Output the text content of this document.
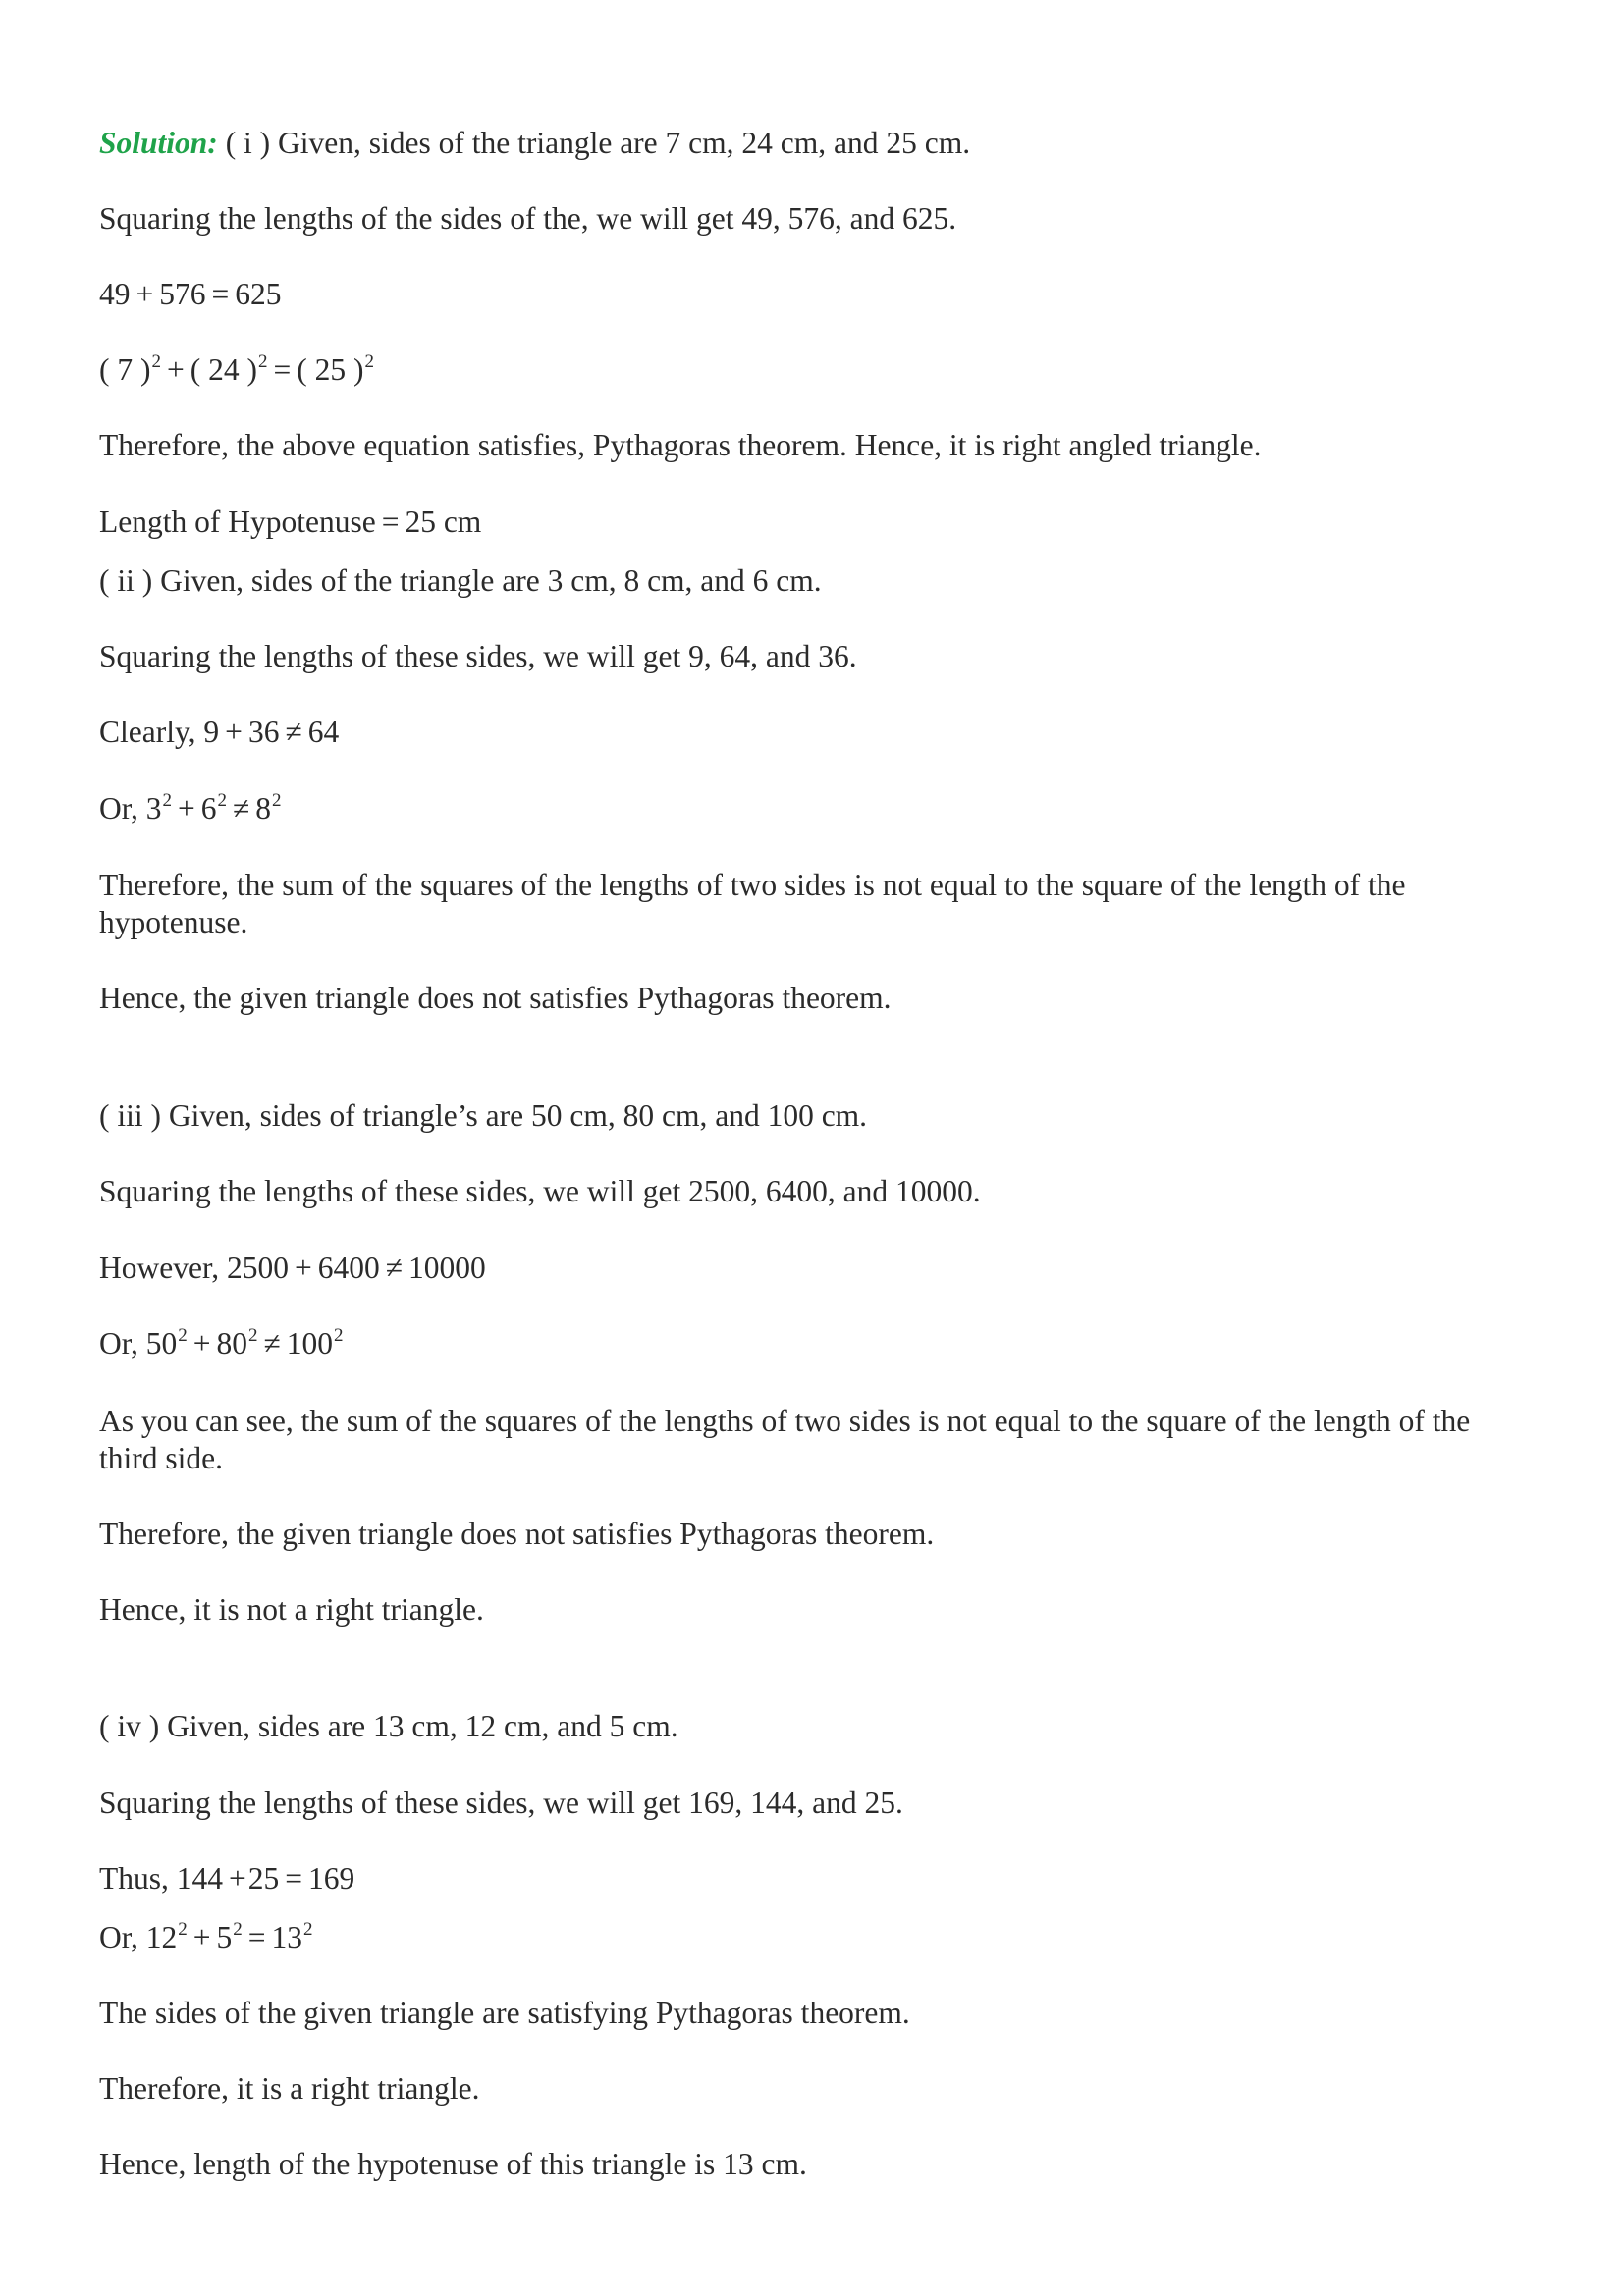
Solution: ( i ) Given, sides of the triangle are 7 cm, 24 cm, and 25 cm.
Squaring the lengths of the sides of the, we will get 49, 576, and 625.
49 + 576 = 625
( 7 )$^2$ + ( 24 )$^2$ = ( 25 )$^2$
Therefore, the above equation satisfies, Pythagoras theorem. Hence, it is right angled triangle.
Length of Hypotenuse = 25 cm
( ii ) Given, sides of the triangle are 3 cm, 8 cm, and 6 cm.
Squaring the lengths of these sides, we will get 9, 64, and 36.
Clearly, 9 + 36 ≠ 64
Or, $3^2 + 6^2 \ne 8^2$
Therefore, the sum of the squares of the lengths of two sides is not equal to the square of the length of the hypotenuse.
Hence, the given triangle does not satisfies Pythagoras theorem.
( iii ) Given, sides of triangle’s are 50 cm, 80 cm, and 100 cm.
Squaring the lengths of these sides, we will get 2500, 6400, and 10000.
However, 2500 + 6400 ≠ 10000
Or, $50^2 + 80^2 \ne 100^2$
As you can see, the sum of the squares of the lengths of two sides is not equal to the square of the length of the third side.
Therefore, the given triangle does not satisfies Pythagoras theorem.
Hence, it is not a right triangle.
( iv ) Given, sides are 13 cm, 12 cm, and 5 cm.
Squaring the lengths of these sides, we will get 169, 144, and 25.
Thus, 144 +25 = 169
Or, $12^2 + 5^2 = 13^2$
The sides of the given triangle are satisfying Pythagoras theorem.
Therefore, it is a right triangle.
Hence, length of the hypotenuse of this triangle is 13 cm.
